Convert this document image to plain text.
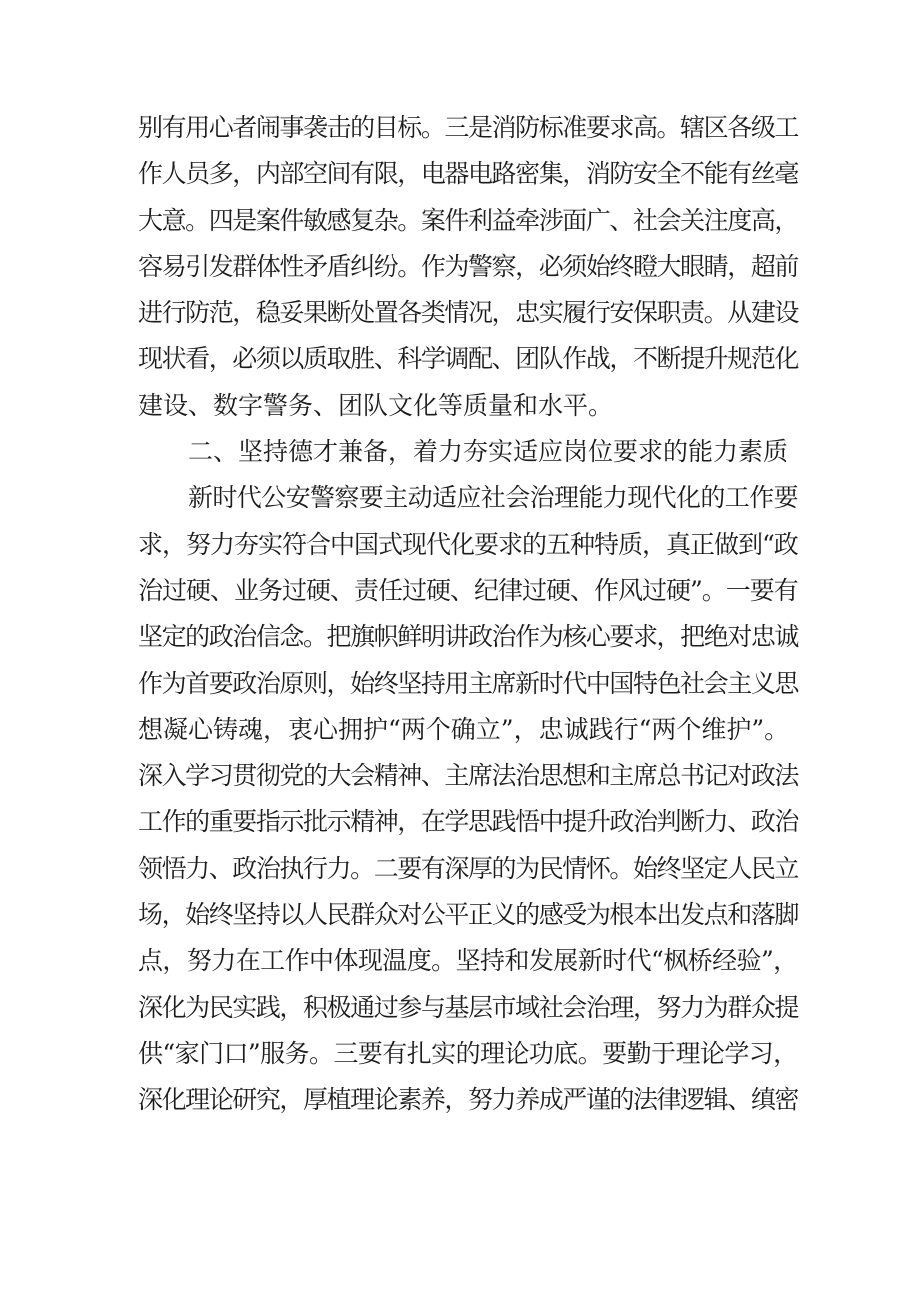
别有用心者闹事袭击的目标。三是消防标准要求高。辖区各级工
作人员多，内部空间有限，电器电路密集，消防安全不能有丝毫
大意。四是案件敏感复杂。案件利益牵涉面广、社会关注度高，
容易引发群体性矛盾纠纷。作为警察，必须始终瞪大眼睛，超前
进行防范，稳妥果断处置各类情况，忠实履行安保职责。从建设
现状看，必须以质取胜、科学调配、团队作战，不断提升规范化
建设、数字警务、团队文化等质量和水平。
二、坚持德才兼备，着力夯实适应岗位要求的能力素质
新时代公安警察要主动适应社会治理能力现代化的工作要
求，努力夯实符合中国式现代化要求的五种特质，真正做到“政
治过硬、业务过硬、责任过硬、纪律过硬、作风过硬”。一要有
坚定的政治信念。把旗帜鲜明讲政治作为核心要求，把绝对忠诚
作为首要政治原则，始终坚持用主席新时代中国特色社会主义思
想凝心铸魂，衷心拥护“两个确立”，忠诚践行“两个维护”。
深入学习贯彻党的大会精神、主席法治思想和主席总书记对政法
工作的重要指示批示精神，在学思践悟中提升政治判断力、政治
领悟力、政治执行力。二要有深厚的为民情怀。始终坚定人民立
场，始终坚持以人民群众对公平正义的感受为根本出发点和落脚
点，努力在工作中体现温度。坚持和发展新时代“枫桥经验”，
深化为民实践，积极通过参与基层市域社会治理，努力为群众提
供“家门口”服务。三要有扎实的理论功底。要勤于理论学习，
深化理论研究，厚植理论素养，努力养成严谨的法律逻辑、缜密
